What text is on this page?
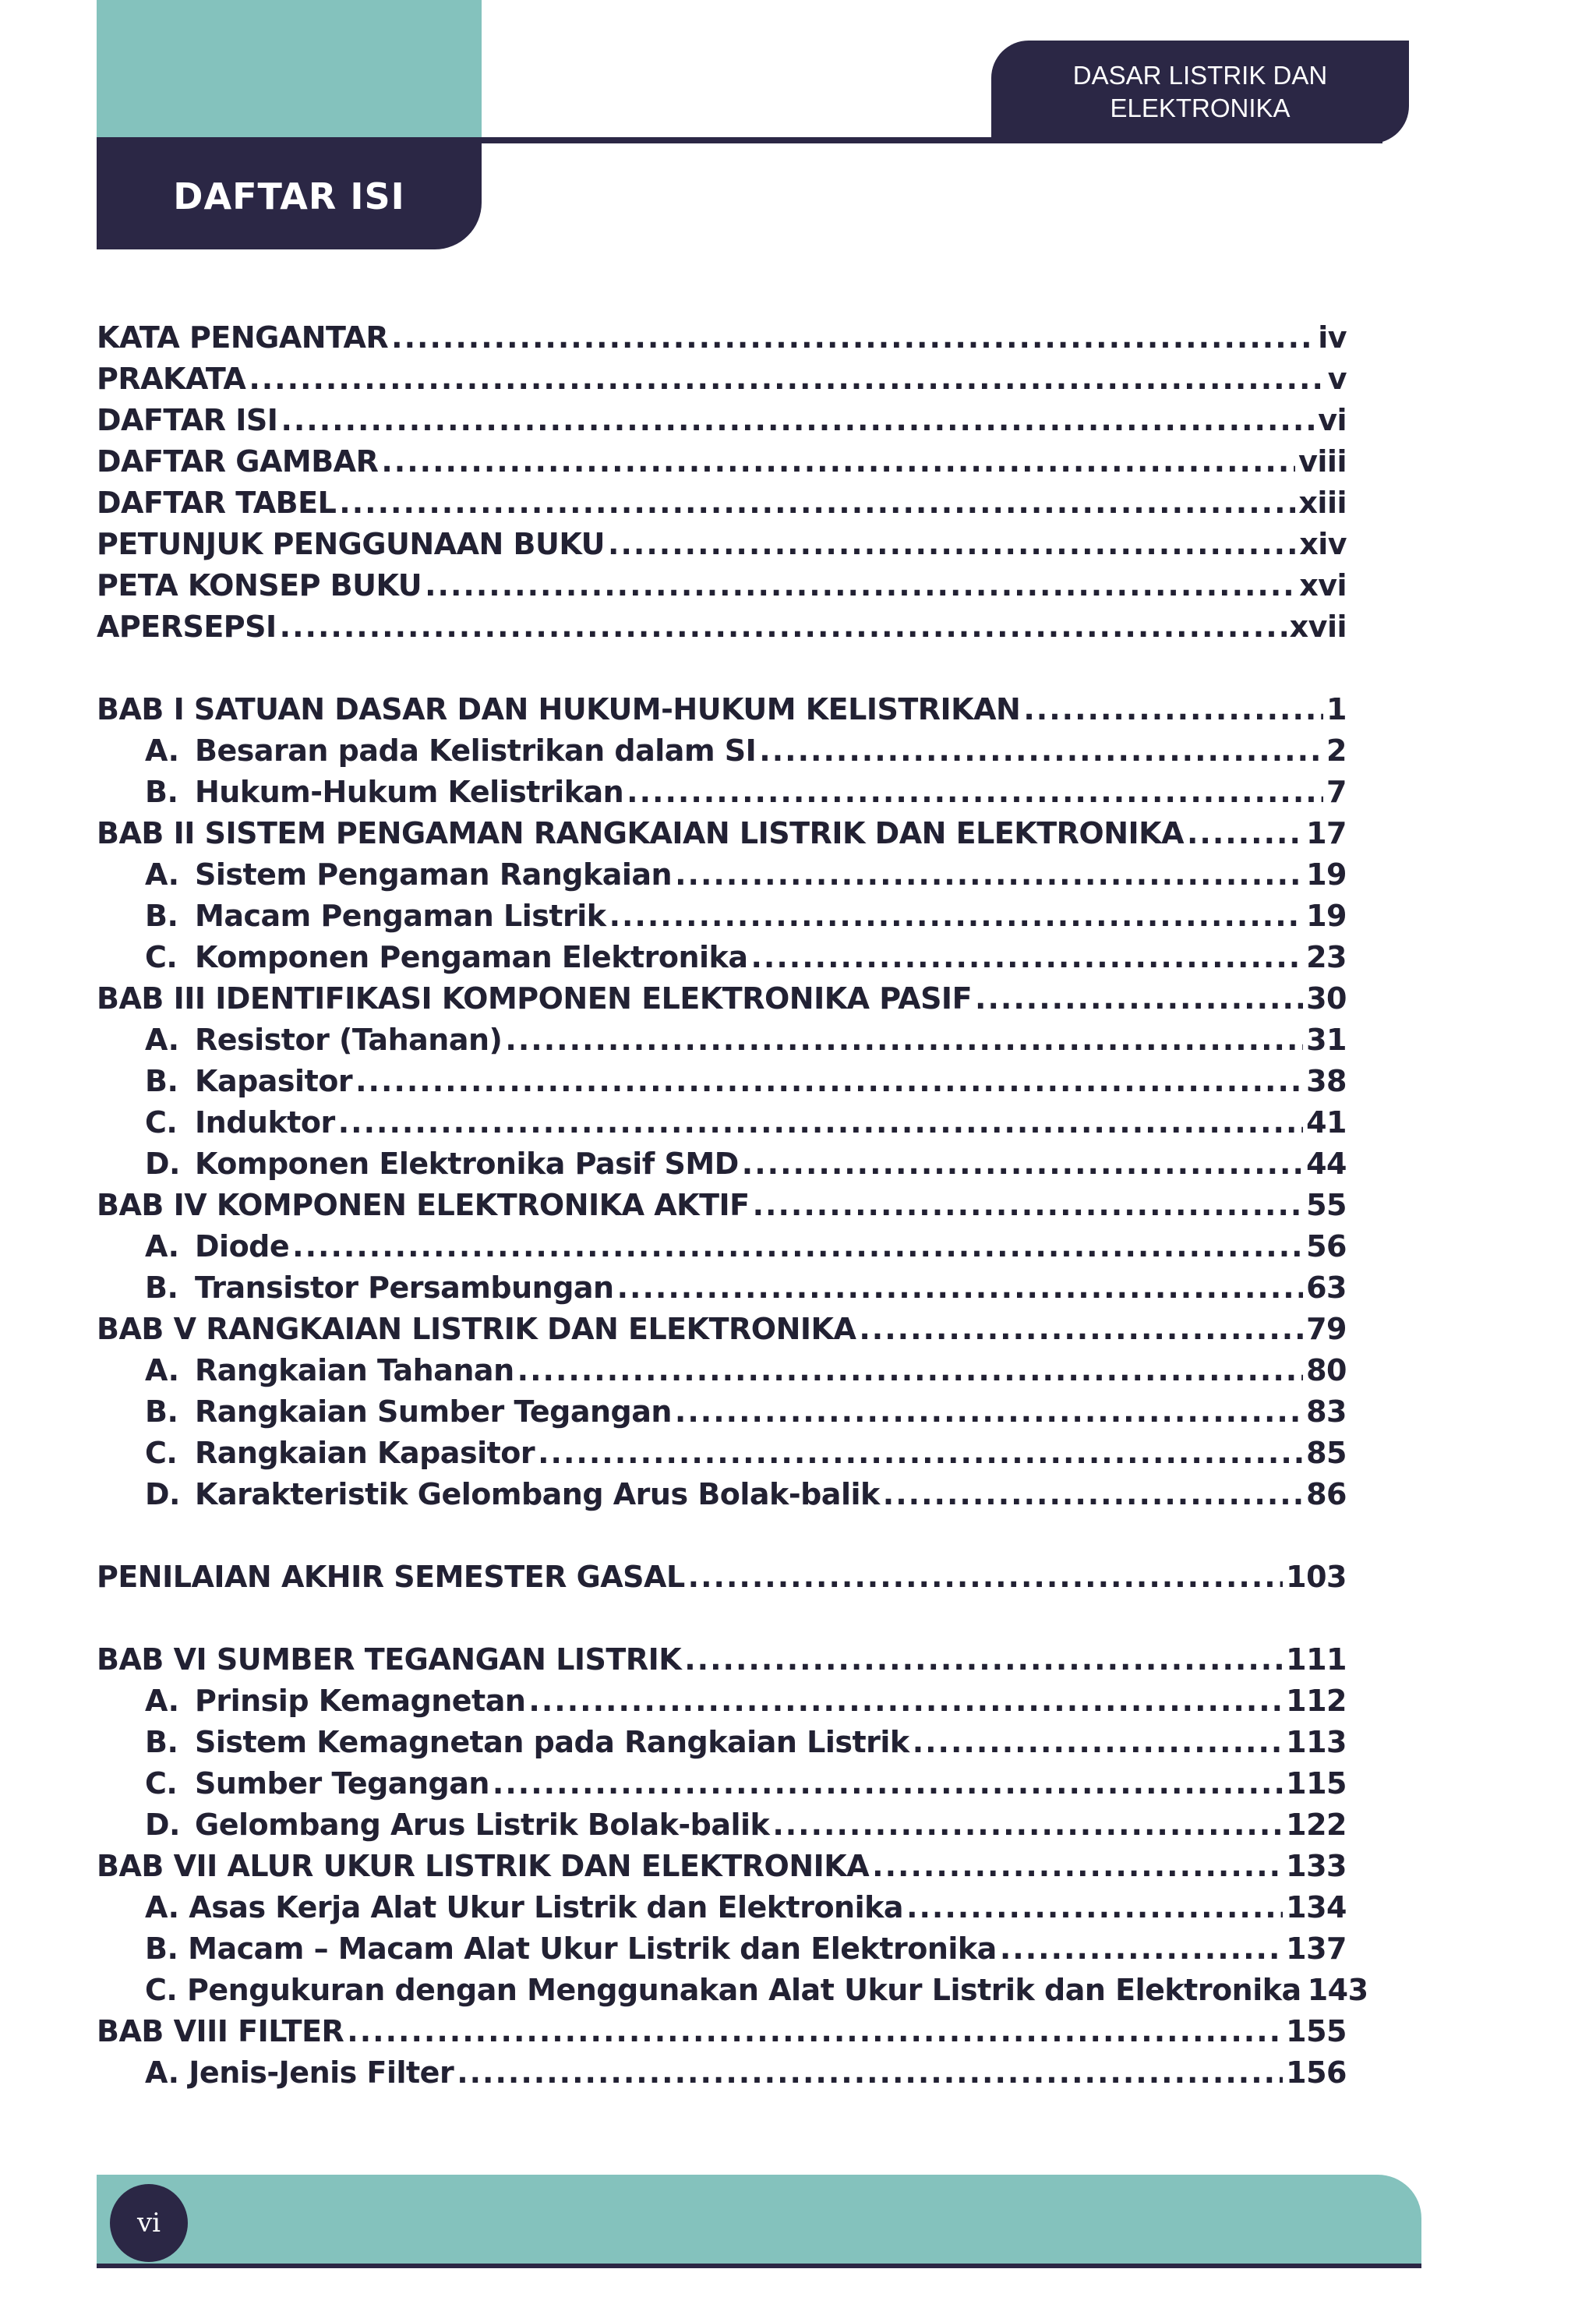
DAFTAR ISI
DASAR LISTRIK DAN
ELEKTRONIKA
KATA PENGANTAR .....	iv
PRAKATA .....	v
DAFTAR ISI .....	vi
DAFTAR GAMBAR .....	viii
DAFTAR TABEL .....	xiii
PETUNJUK PENGGUNAAN BUKU .....	xiv
PETA KONSEP BUKU .....	xvi
APERSEPSI .....	xvii
BAB I SATUAN DASAR DAN HUKUM-HUKUM KELISTRIKAN .....	1
A. Besaran pada Kelistrikan dalam SI .....	2
B. Hukum-Hukum Kelistrikan .....	7
BAB II SISTEM PENGAMAN RANGKAIAN LISTRIK DAN ELEKTRONIKA .....	17
A. Sistem Pengaman Rangkaian .....	19
B. Macam Pengaman Listrik .....	19
C. Komponen Pengaman Elektronika .....	23
BAB III IDENTIFIKASI KOMPONEN ELEKTRONIKA PASIF .....	30
A. Resistor (Tahanan) .....	31
B. Kapasitor .....	38
C. Induktor .....	41
D. Komponen Elektronika Pasif SMD .....	44
BAB IV KOMPONEN ELEKTRONIKA AKTIF .....	55
A. Diode .....	56
B. Transistor Persambungan .....	63
BAB V RANGKAIAN LISTRIK DAN ELEKTRONIKA .....	79
A. Rangkaian Tahanan .....	80
B. Rangkaian Sumber Tegangan .....	83
C. Rangkaian Kapasitor .....	85
D. Karakteristik Gelombang Arus Bolak-balik .....	86
PENILAIAN AKHIR SEMESTER GASAL .....	103
BAB VI SUMBER TEGANGAN LISTRIK .....	111
A. Prinsip Kemagnetan .....	112
B. Sistem Kemagnetan pada Rangkaian Listrik .....	113
C. Sumber Tegangan .....	115
D. Gelombang Arus Listrik Bolak-balik .....	122
BAB VII ALUR UKUR LISTRIK DAN ELEKTRONIKA .....	133
A. Asas Kerja Alat Ukur Listrik dan Elektronika .....	134
B. Macam – Macam Alat Ukur Listrik dan Elektronika .....	137
C. Pengukuran dengan Menggunakan Alat Ukur Listrik dan Elektronika 143
BAB VIII FILTER .....	155
A. Jenis-Jenis Filter .....	156
vi
